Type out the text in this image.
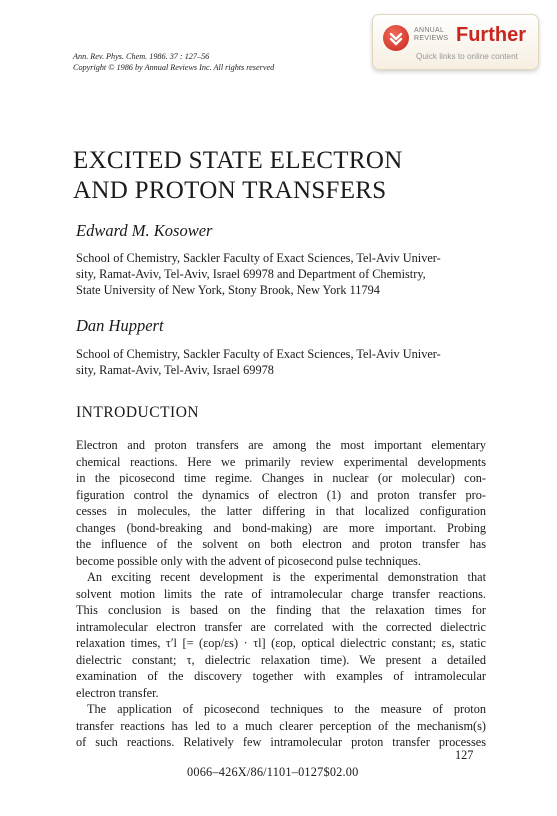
Ann. Rev. Phys. Chem. 1986. 37 : 127–56
Copyright © 1986 by Annual Reviews Inc. All rights reserved
ANNUAL REVIEWS Further
Quick links to online content
EXCITED STATE ELECTRON
AND PROTON TRANSFERS
Edward M. Kosower
School of Chemistry, Sackler Faculty of Exact Sciences, Tel-Aviv Univer-
sity, Ramat-Aviv, Tel-Aviv, Israel 69978 and Department of Chemistry,
State University of New York, Stony Brook, New York 11794
Dan Huppert
School of Chemistry, Sackler Faculty of Exact Sciences, Tel-Aviv Univer-
sity, Ramat-Aviv, Tel-Aviv, Israel 69978
INTRODUCTION
Electron and proton transfers are among the most important elementary
chemical reactions. Here we primarily review experimental developments
in the picosecond time regime. Changes in nuclear (or molecular) con-
figuration control the dynamics of electron (1) and proton transfer pro-
cesses in molecules, the latter differing in that localized configuration
changes (bond-breaking and bond-making) are more important. Probing
the influence of the solvent on both electron and proton transfer has
become possible only with the advent of picosecond pulse techniques.
An exciting recent development is the experimental demonstration that
solvent motion limits the rate of intramolecular charge transfer reactions.
This conclusion is based on the finding that the relaxation times for
intramolecular electron transfer are correlated with the corrected dielectric
relaxation times, τ′l [= (εop/εs) · τl] (εop, optical dielectric constant; εs, static
dielectric constant; τ, dielectric relaxation time). We present a detailed
examination of the discovery together with examples of intramolecular
electron transfer.
The application of picosecond techniques to the measure of proton
transfer reactions has led to a much clearer perception of the mechanism(s)
of such reactions. Relatively few intramolecular proton transfer processes
127
0066–426X/86/1101–0127$02.00
